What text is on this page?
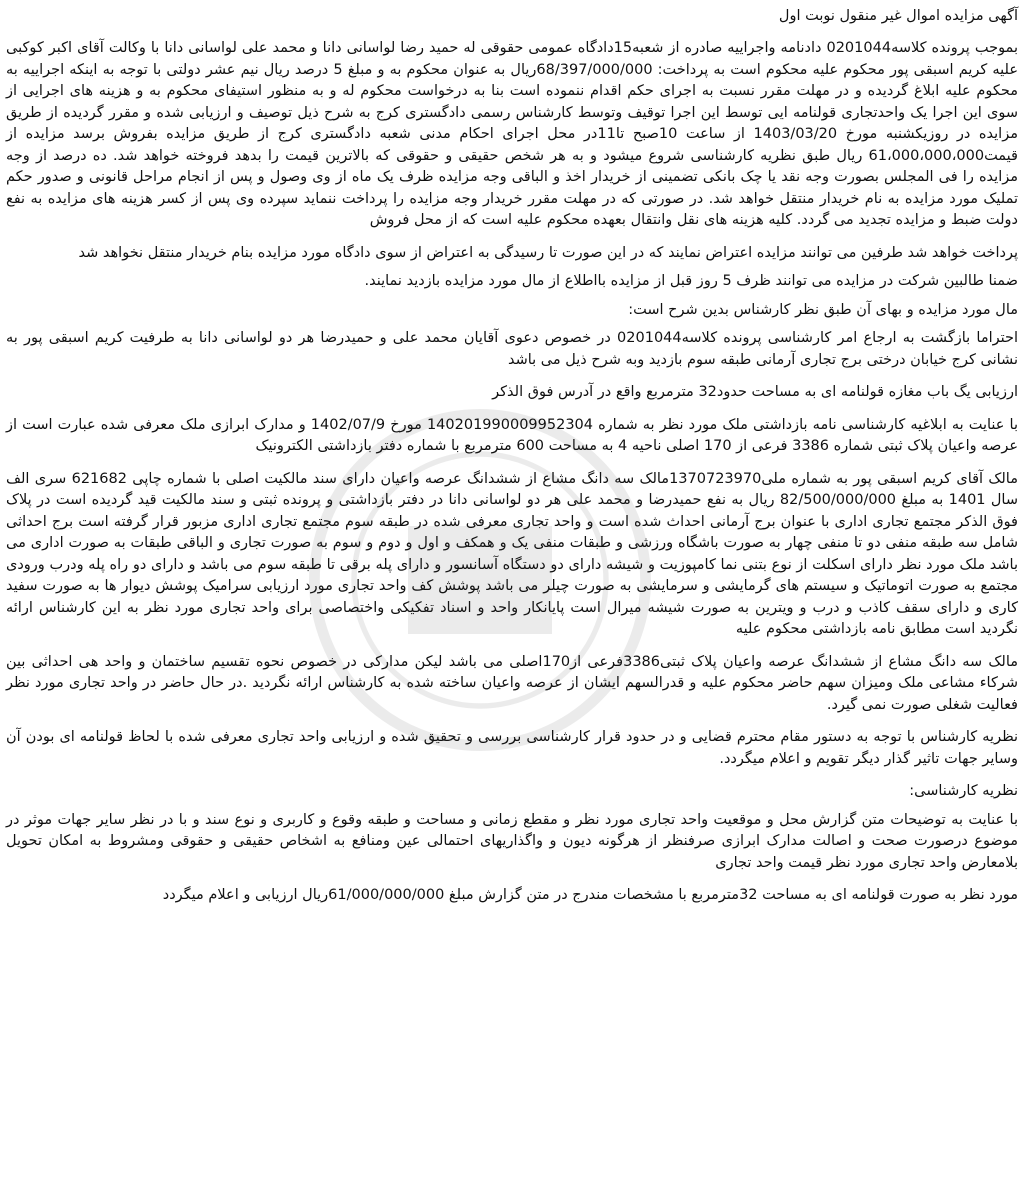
آگهی مزایده اموال غیر منقول نوبت اول

بموجب پرونده کلاسه0201044 دادنامه واجراییه صادره از شعبه15دادگاه عمومی حقوقی له حمید رضا لواسانی دانا و محمد علی لواسانی دانا با وکالت آقای اکبر کوکبی علیه کریم اسبقی پور محکوم علیه محکوم است به پرداخت: 68/397/000/000ریال به عنوان محکوم به و مبلغ 5 درصد ریال نیم عشر دولتی با توجه به اینکه اجراییه به محکوم علیه ابلاغ گردیده و در مهلت مقرر نسبت به اجرای حکم اقدام ننموده است بنا به درخواست محکوم له و به منظور استیفای محکوم به و هزینه های اجرایی از سوی این اجرا یک واحدتجاری قولنامه ایی توسط این اجرا توقیف وتوسط کارشناس رسمی دادگستری کرج به شرح ذیل توصیف و ارزیابی شده و مقرر گردیده از طریق مزایده در روزیکشنبه مورخ 1403/03/20 از ساعت 10صبح تا11در محل اجرای احکام مدنی شعبه دادگستری کرج از طریق مزایده بفروش برسد مزایده از قیمت61،000،000،000 ریال طبق نظریه کارشناسی شروع میشود و به هر شخص حقیقی و حقوقی که بالاترین قیمت را بدهد فروخته خواهد شد. ده درصد از وجه مزایده را فی المجلس بصورت وجه نقد یا چک بانکی تضمینی از خریدار اخذ و الباقی وجه مزایده ظرف یک ماه از وی وصول و پس از انجام مراحل قانونی و صدور حکم تملیک مورد مزایده به نام خریدار منتقل خواهد شد. در صورتی که در مهلت مقرر خریدار وجه مزایده را پرداخت ننماید سپرده وی پس از کسر هزینه های مزایده به نفع دولت ضبط و مزایده تجدید می گردد. کلیه هزینه های نقل وانتقال بعهده محکوم علیه است که از محل فروش

پرداخت خواهد شد طرفین می توانند مزایده اعتراض نمایند که در این صورت تا رسیدگی به اعتراض از سوی دادگاه مورد مزایده بنام خریدار منتقل نخواهد شد

ضمنا طالبین شرکت در مزایده می توانند ظرف 5 روز قبل از مزایده بااطلاع از مال مورد مزایده بازدید نمایند.

مال مورد مزایده و بهای آن طبق نظر کارشناس بدین شرح است:

احتراما بازگشت به ارجاع امر کارشناسی پرونده کلاسه0201044 در خصوص دعوی آقایان محمد علی و حمیدرضا هر دو لواسانی دانا به طرفیت کریم اسبقی پور به نشانی کرج خیابان درختی برج تجاری آرمانی طبقه سوم بازدید وبه شرح ذیل می باشد

ارزیابی یگ باب مغازه قولنامه ای به مساحت حدود32 مترمربع واقع در آدرس فوق الذکر

با عنایت به ابلاغیه کارشناسی نامه بازداشتی ملک مورد نظر به شماره 140201990009952304 مورخ 1402/07/9 و مدارک ابرازی ملک معرفی شده عبارت است از عرصه واعیان پلاک ثبتی شماره 3386 فرعی از 170 اصلی ناحیه 4 به مساحت 600 مترمربع با شماره دفتر بازداشتی الکترونیک

مالک آقای کریم اسبقی پور به شماره ملی1370723970مالک سه دانگ مشاع از ششدانگ عرصه واعیان دارای سند مالکیت اصلی با شماره چاپی 621682 سری الف سال 1401 به مبلغ 82/500/000/000 ریال به نفع حمیدرضا و محمد علی هر دو لواسانی دانا در دفتر بازداشتی و پرونده ثبتی و سند مالکیت قید گردیده است در پلاک فوق الذکر مجتمع تجاری اداری با عنوان برج آرمانی احداث شده است و واحد تجاری معرفی شده در طبقه سوم مجتمع تجاری اداری مزبور قرار گرفته است برج احداثی شامل سه طبقه منفی دو تا منفی چهار به صورت باشگاه ورزشی و طبقات منفی یک و همکف و اول و دوم و سوم به صورت تجاری و الباقی طبقات به صورت اداری می باشد ملک مورد نظر دارای اسکلت از نوع بتنی نما کامپوزیت و شیشه دارای دو دستگاه آسانسور و دارای پله برقی تا طبقه سوم می باشد و دارای دو راه پله ودرب ورودی مجتمع به صورت اتوماتیک و سیستم های گرمایشی و سرمایشی به صورت چیلر می باشد پوشش کف واحد تجاری مورد ارزیابی سرامیک پوشش دیوار ها به صورت سفید کاری و دارای سقف کاذب و درب و ویترین به صورت شیشه میرال است پایانکار واحد و اسناد تفکیکی واختصاصی برای واحد تجاری مورد نظر به این کارشناس ارائه نگردید است مطابق نامه بازداشتی محکوم علیه

مالک سه دانگ مشاع از ششدانگ عرصه واعیان پلاک ثبتی3386فرعی از170اصلی می باشد لیکن مدارکی در خصوص نحوه تقسیم ساختمان و واحد هی احداثی بین شرکاء مشاعی ملک ومیزان سهم حاضر محکوم علیه و قدرالسهم ایشان از عرصه واعیان ساخته شده به کارشناس ارائه نگردید .در حال حاضر در واحد تجاری مورد نظر فعالیت شغلی صورت نمی گیرد.

نظریه کارشناس با توجه به دستور مقام محترم قضایی و در حدود قرار کارشناسی بررسی و تحقیق شده و ارزیابی واحد تجاری معرفی شده با لحاظ قولنامه ای بودن آن وسایر جهات تاثیر گذار دیگر تقویم و اعلام میگردد.

نظریه کارشناسی:

با عنایت به توضیحات متن گزارش محل و موقعیت واحد تجاری مورد نظر و مقطع زمانی و مساحت و طبقه وقوع و کاربری و نوع سند و با در نظر سایر جهات موثر در موضوع درصورت صحت و اصالت مدارک ابرازی صرفنظر از هرگونه دیون و واگذاریهای احتمالی عین ومنافع به اشخاص حقیقی و حقوقی ومشروط به امکان تحویل بلامعارض واحد تجاری مورد نظر قیمت واحد تجاری

مورد نظر به صورت قولنامه ای به مساحت 32مترمربع با مشخصات مندرج در متن گزارش مبلغ 61/000/000/000ریال ارزیابی و اعلام میگردد
